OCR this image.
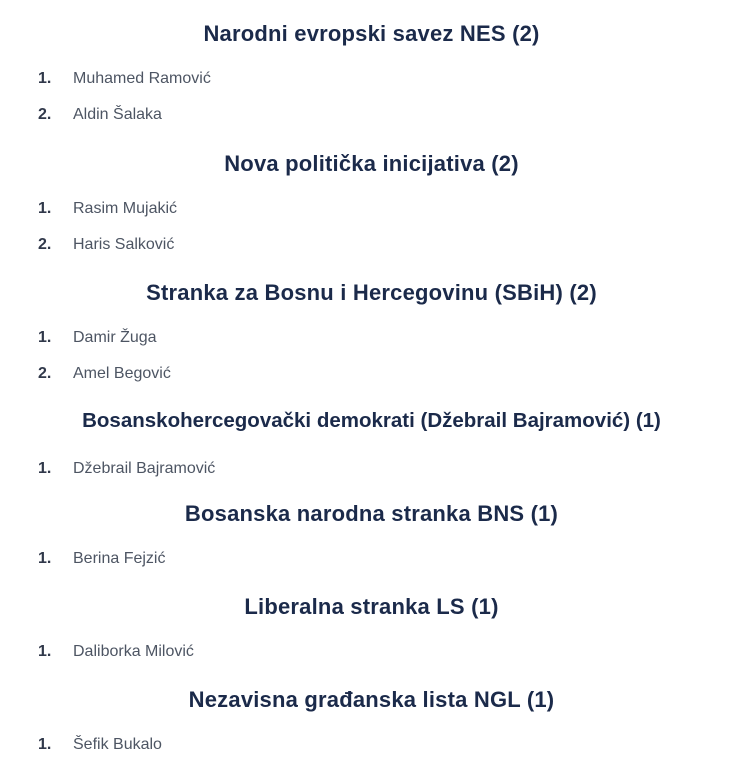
Narodni evropski savez NES (2)
1. Muhamed Ramović
2. Aldin Šalaka
Nova politička inicijativa (2)
1. Rasim Mujakić
2. Haris Salković
Stranka za Bosnu i Hercegovinu (SBiH) (2)
1. Damir Žuga
2. Amel Begović
Bosanskohercegovački demokrati (Džebrail Bajramović) (1)
1. Džebrail Bajramović
Bosanska narodna stranka BNS (1)
1. Berina Fejzić
Liberalna stranka LS (1)
1. Daliborka Milović
Nezavisna građanska lista NGL (1)
1. Šefik Bukalo
